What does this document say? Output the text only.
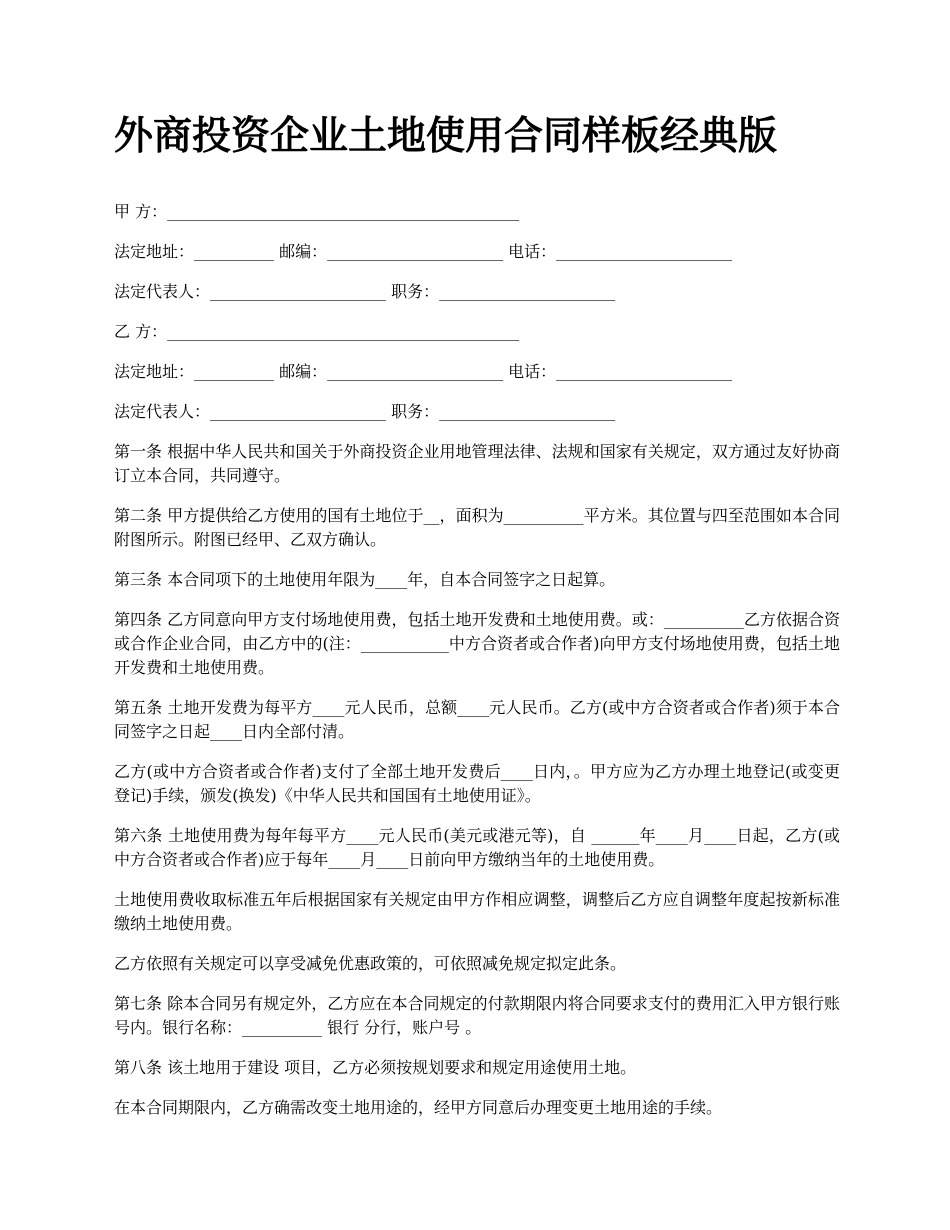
外商投资企业土地使用合同样板经典版
甲 方：____________________________________________
法定地址：__________ 邮编：______________________ 电话：______________________
法定代表人：______________________ 职务：______________________
乙 方：____________________________________________
法定地址：__________ 邮编：______________________ 电话：______________________
法定代表人：______________________ 职务：______________________

第一条 根据中华人民共和国关于外商投资企业用地管理法律、法规和国家有关规定，双方通过友好协商订立本合同，共同遵守。

第二条 甲方提供给乙方使用的国有土地位于__，面积为__________平方米。其位置与四至范围如本合同附图所示。附图已经甲、乙双方确认。

第三条 本合同项下的土地使用年限为____年，自本合同签字之日起算。

第四条 乙方同意向甲方支付场地使用费，包括土地开发费和土地使用费。或：__________乙方依据合资或合作企业合同，由乙方中的(注：___________中方合资者或合作者)向甲方支付场地使用费，包括土地开发费和土地使用费。

第五条 土地开发费为每平方____元人民币，总额____元人民币。乙方(或中方合资者或合作者)须于本合同签字之日起____日内全部付清。

乙方(或中方合资者或合作者)支付了全部土地开发费后____日内，。甲方应为乙方办理土地登记(或变更登记)手续，颁发(换发)《中华人民共和国国有土地使用证》。

第六条 土地使用费为每年每平方____元人民币(美元或港元等)，自 ______年____月____日起，乙方(或中方合资者或合作者)应于每年____月____日前向甲方缴纳当年的土地使用费。

土地使用费收取标准五年后根据国家有关规定由甲方作相应调整，调整后乙方应自调整年度起按新标准缴纳土地使用费。

乙方依照有关规定可以享受减免优惠政策的，可依照减免规定拟定此条。

第七条 除本合同另有规定外，乙方应在本合同规定的付款期限内将合同要求支付的费用汇入甲方银行账号内。银行名称：__________ 银行 分行，账户号 。

第八条 该土地用于建设 项目，乙方必须按规划要求和规定用途使用土地。

在本合同期限内，乙方确需改变土地用途的，经甲方同意后办理变更土地用途的手续。
